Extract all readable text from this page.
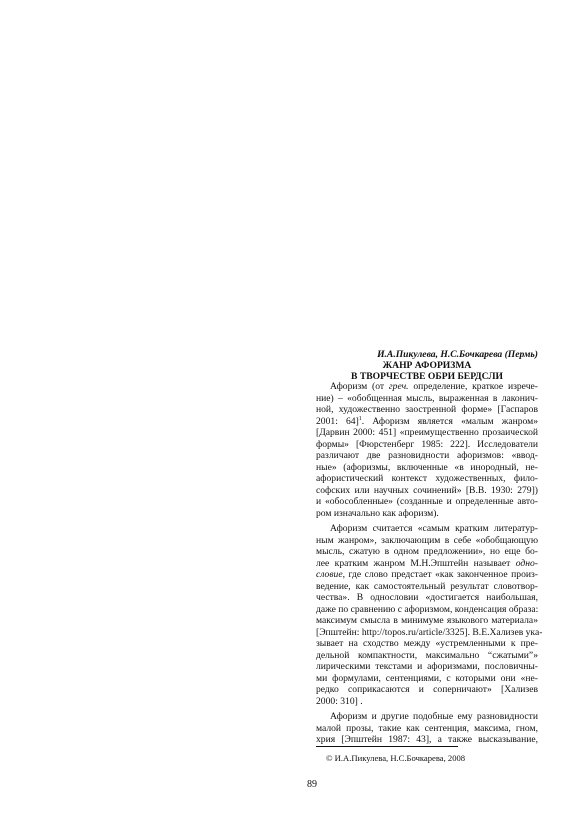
И.А.Пикулева, Н.С.Бочкарева (Пермь)
ЖАНР АФОРИЗМА
В ТВОРЧЕСТВЕ ОБРИ БЕРДСЛИ
Афоризм (от греч. определение, краткое изрече-
ние) – «обобщенная мысль, выраженная в лаконич-
ной, художественно заостренной форме» [Гаспаров
2001: 64]$^1$. Афоризм является «малым жанром»
[Дарвин 2000: 451] «преимущественно прозаической
формы» [Фюрстенберг 1985: 222]. Исследователи
различают две разновидности афоризмов: «ввод-
ные» (афоризмы, включенные «в инородный, не-
афористический контекст художественных, фило-
софских или научных сочинений» [В.В. 1930: 279])
и «обособленные» (созданные и определенные авто-
ром изначально как афоризм).
Афоризм считается «самым кратким литератур-
ным жанром», заключающим в себе «обобщающую
мысль, сжатую в одном предложении», но еще бо-
лее кратким жанром М.Н.Эпштейн называет одно-
словие, где слово предстает «как законченное произ-
ведение, как самостоятельный результат словотвор-
чества». В однословии «достигается наибольшая,
даже по сравнению с афоризмом, конденсация образа:
максимум смысла в минимуме языкового материала»
[Эпштейн: http://topos.ru/article/3325]. В.Е.Хализев ука-
зывает на сходство между «устремленными к пре-
дельной компактности, максимально “сжатыми”»
лирическими текстами и афоризмами, пословичны-
ми формулами, сентенциями, с которыми они «не-
редко соприкасаются и соперничают» [Хализев
2000: 310] .
Афоризм и другие подобные ему разновидности
малой прозы, такие как сентенция, максима, гном,
хрия [Эпштейн 1987: 43], а также высказывание,
© И.А.Пикулева, Н.С.Бочкарева, 2008
89
